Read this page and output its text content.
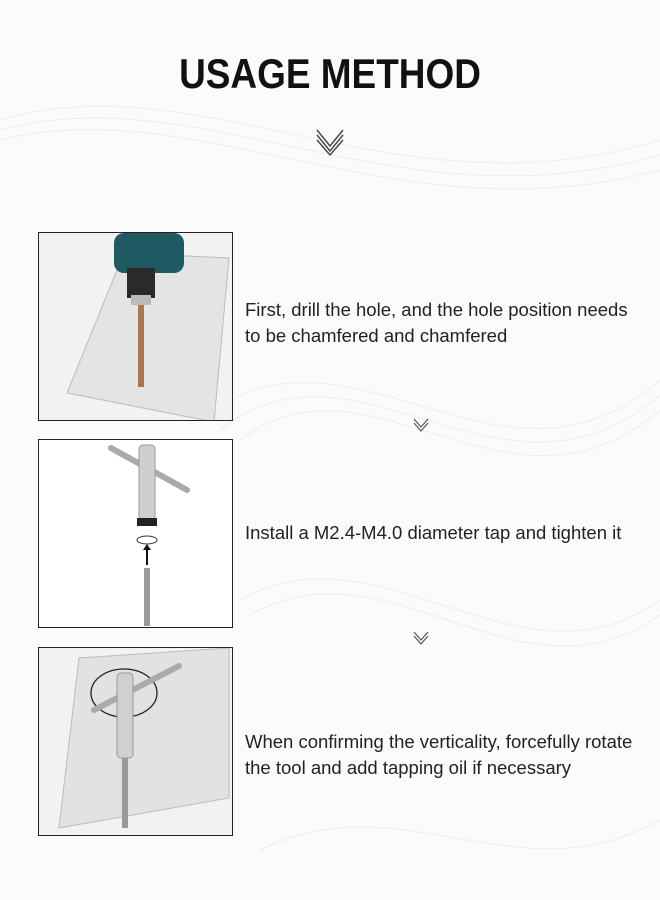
USAGE METHOD
First, drill the hole, and the hole position needs to be chamfered and chamfered
Install a M2.4-M4.0 diameter tap and tighten it
When confirming the verticality, forcefully rotate the tool and add tapping oil if necessary
